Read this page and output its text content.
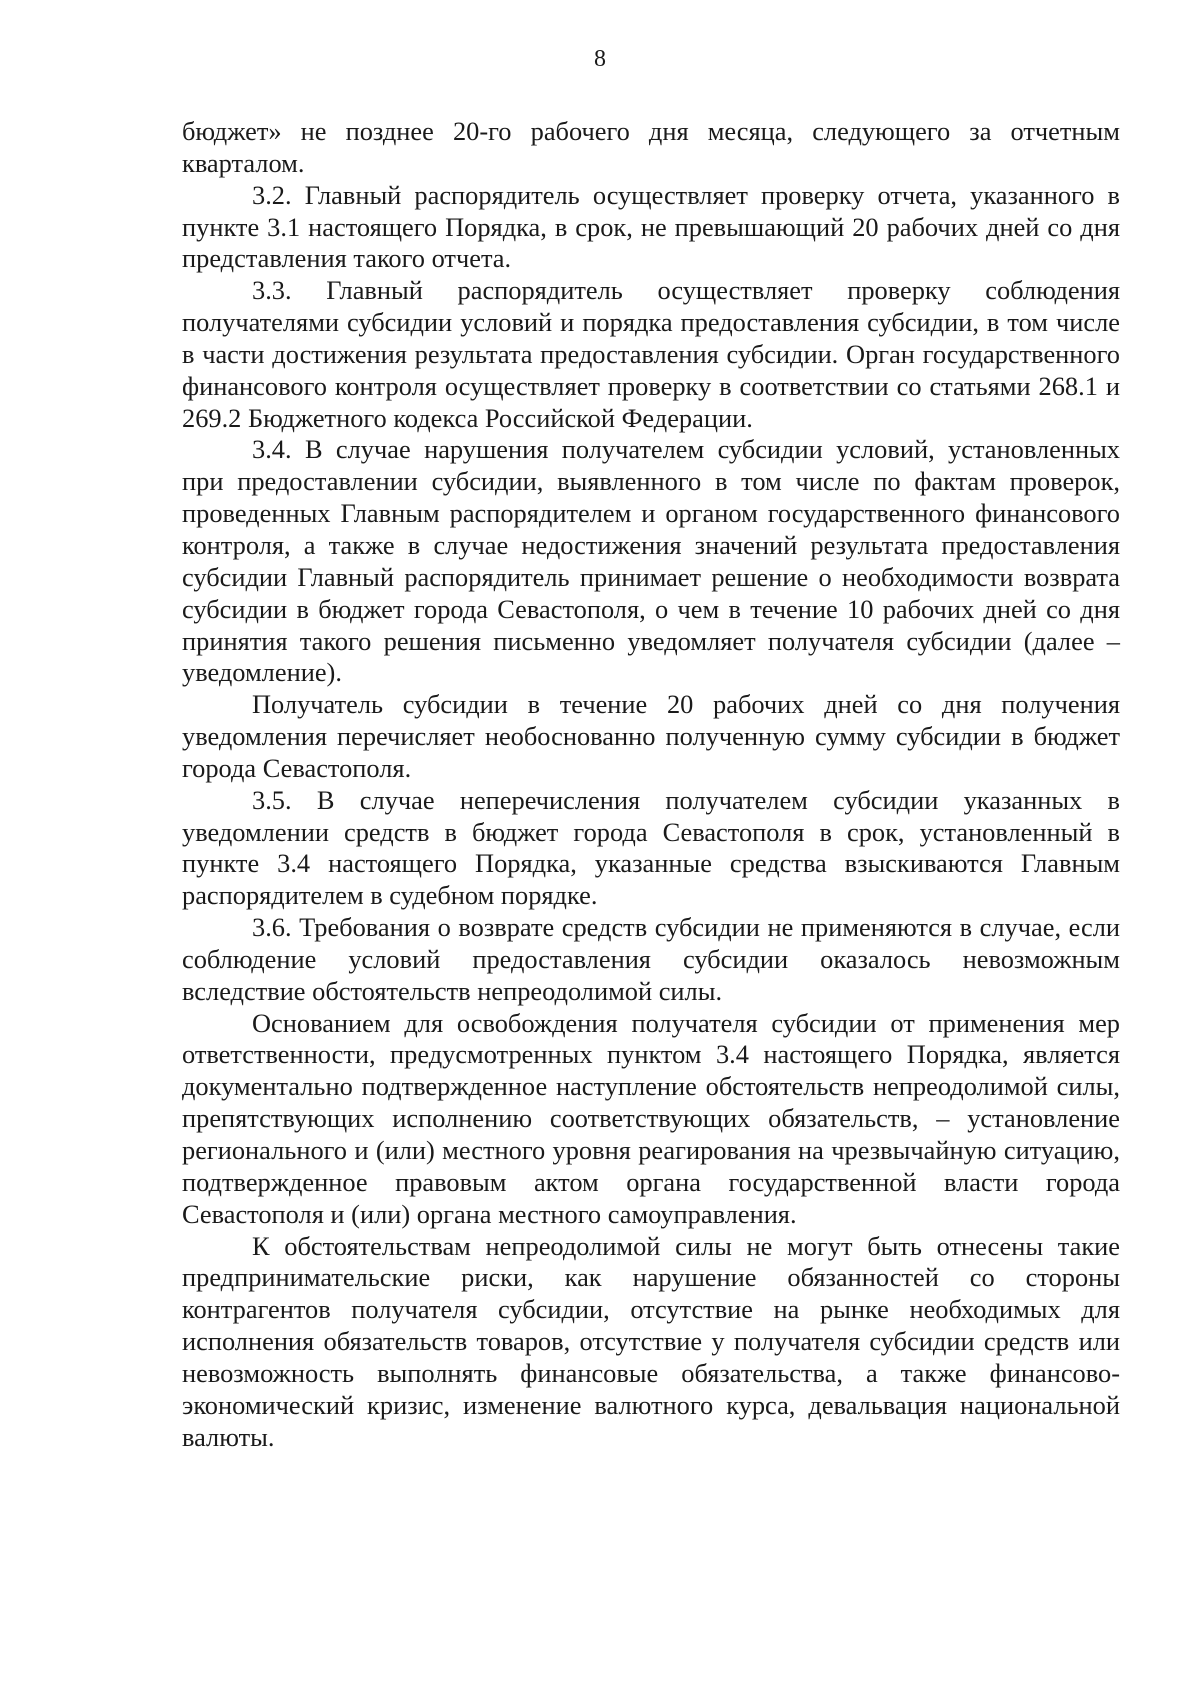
8

бюджет» не позднее 20-го рабочего дня месяца, следующего за отчетным кварталом.

3.2. Главный распорядитель осуществляет проверку отчета, указанного в пункте 3.1 настоящего Порядка, в срок, не превышающий 20 рабочих дней со дня представления такого отчета.

3.3. Главный распорядитель осуществляет проверку соблюдения получателями субсидии условий и порядка предоставления субсидии, в том числе в части достижения результата предоставления субсидии. Орган государственного финансового контроля осуществляет проверку в соответствии со статьями 268.1 и 269.2 Бюджетного кодекса Российской Федерации.

3.4. В случае нарушения получателем субсидии условий, установленных при предоставлении субсидии, выявленного в том числе по фактам проверок, проведенных Главным распорядителем и органом государственного финансового контроля, а также в случае недостижения значений результата предоставления субсидии Главный распорядитель принимает решение о необходимости возврата субсидии в бюджет города Севастополя, о чем в течение 10 рабочих дней со дня принятия такого решения письменно уведомляет получателя субсидии (далее – уведомление).

Получатель субсидии в течение 20 рабочих дней со дня получения уведомления перечисляет необоснованно полученную сумму субсидии в бюджет города Севастополя.

3.5. В случае неперечисления получателем субсидии указанных в уведомлении средств в бюджет города Севастополя в срок, установленный в пункте 3.4 настоящего Порядка, указанные средства взыскиваются Главным распорядителем в судебном порядке.

3.6. Требования о возврате средств субсидии не применяются в случае, если соблюдение условий предоставления субсидии оказалось невозможным вследствие обстоятельств непреодолимой силы.

Основанием для освобождения получателя субсидии от применения мер ответственности, предусмотренных пунктом 3.4 настоящего Порядка, является документально подтвержденное наступление обстоятельств непреодолимой силы, препятствующих исполнению соответствующих обязательств, – установление регионального и (или) местного уровня реагирования на чрезвычайную ситуацию, подтвержденное правовым актом органа государственной власти города Севастополя и (или) органа местного самоуправления.

К обстоятельствам непреодолимой силы не могут быть отнесены такие предпринимательские риски, как нарушение обязанностей со стороны контрагентов получателя субсидии, отсутствие на рынке необходимых для исполнения обязательств товаров, отсутствие у получателя субсидии средств или невозможность выполнять финансовые обязательства, а также финансово-экономический кризис, изменение валютного курса, девальвация национальной валюты.
